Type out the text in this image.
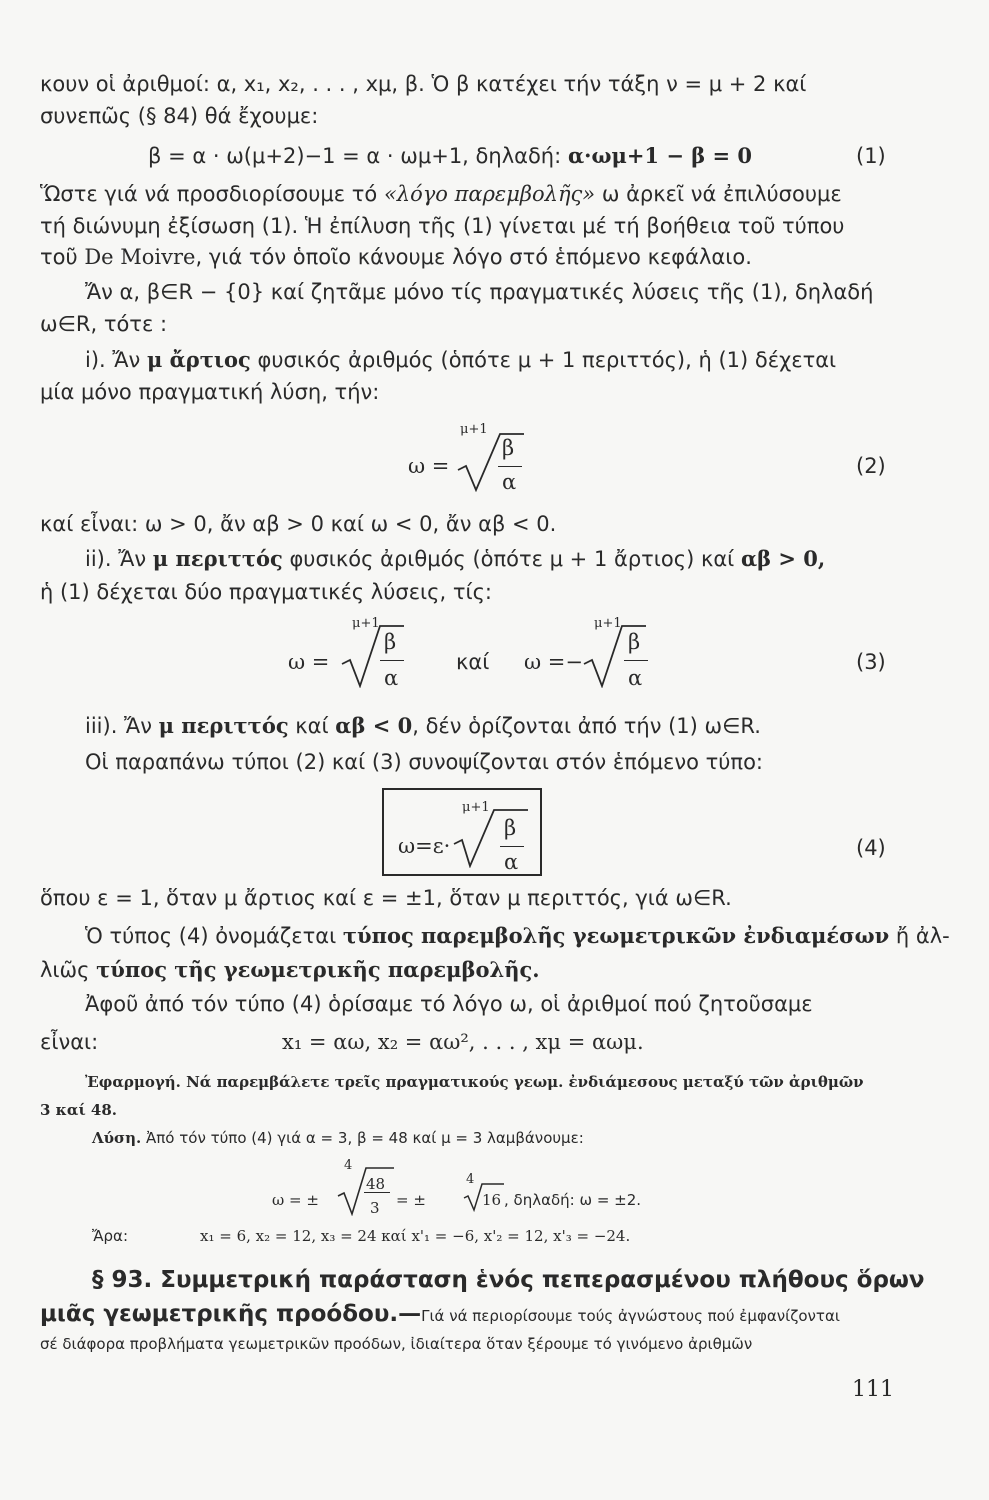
κουν οἱ ἀριθμοί: α, x₁, x₂, . . . , xμ, β. Ὁ β κατέχει τήν τάξη ν = μ + 2 καί
συνεπῶς (§ 84) θά ἔχουμε:
β = α · ω(μ+2)−1 = α · ωμ+1, δηλαδή: α·ωμ+1 − β = 0	(1)
Ὥστε γιά νά προσδιορίσουμε τό «λόγο παρεμβολῆς» ω ἀρκεῖ νά ἐπιλύσουμε
τή διώνυμη ἐξίσωση (1). Ἡ ἐπίλυση τῆς (1) γίνεται μέ τή βοήθεια τοῦ τύπου
τοῦ De Moivre, γιά τόν ὁποῖο κάνουμε λόγο στό ἑπόμενο κεφάλαιο.
Ἄν α, β∈R − {0} καί ζητᾶμε μόνο τίς πραγματικές λύσεις τῆς (1), δηλαδή
ω∈R, τότε :
i). Ἄν μ ἄρτιος φυσικός ἀριθμός (ὁπότε μ + 1 περιττός), ἡ (1) δέχεται
μία μόνο πραγματική λύση, τήν:
μ+1
ω =
β
α
(2)
καί εἶναι: ω > 0, ἄν αβ > 0 καί ω < 0, ἄν αβ < 0.
ii). Ἄν μ περιττός φυσικός ἀριθμός (ὁπότε μ + 1 ἄρτιος) καί αβ > 0,
ἡ (1) δέχεται δύο πραγματικές λύσεις, τίς:
μ+1
ω =
β
α
καί
μ+1
ω =−
β
α
(3)
iii). Ἄν μ περιττός καί αβ < 0, δέν ὁρίζονται ἀπό τήν (1) ω∈R.
Οἱ παραπάνω τύποι (2) καί (3) συνοψίζονται στόν ἑπόμενο τύπο:
μ+1
ω=ε·
β
α
(4)
ὅπου ε = 1, ὅταν μ ἄρτιος καί ε = ±1, ὅταν μ περιττός, γιά ω∈R.
Ὁ τύπος (4) ὀνομάζεται τύπος παρεμβολῆς γεωμετρικῶν ἐνδιαμέσων ἤ ἀλ-
λιῶς τύπος τῆς γεωμετρικῆς παρεμβολῆς.
Ἀφοῦ ἀπό τόν τύπο (4) ὁρίσαμε τό λόγο ω, οἱ ἀριθμοί πού ζητοῦσαμε
εἶναι:	x₁ = αω, x₂ = αω², . . . , xμ = αωμ.
Ἐφαρμογή. Νά παρεμβάλετε τρεῖς πραγματικούς γεωμ. ἐνδιάμεσους μεταξύ τῶν ἀριθμῶν
3 καί 48.
Λύση. Ἀπό τόν τύπο (4) γιά α = 3, β = 48 καί μ = 3 λαμβάνουμε:
4
ω = ±
48
3 = ±
4
16 , δηλαδή: ω = ±2.
Ἄρα:	x₁ = 6, x₂ = 12, x₃ = 24 καί x'₁ = −6, x'₂ = 12, x'₃ = −24.
§ 93. Συμμετρική παράσταση ἑνός πεπερασμένου πλήθους ὅρων
μιᾶς γεωμετρικῆς προόδου.—Γιά νά περιορίσουμε τούς ἀγνώστους πού ἐμφανίζονται
σέ διάφορα προβλήματα γεωμετρικῶν προόδων, ἰδιαίτερα ὅταν ξέρουμε τό γινόμενο ἀριθμῶν
111
